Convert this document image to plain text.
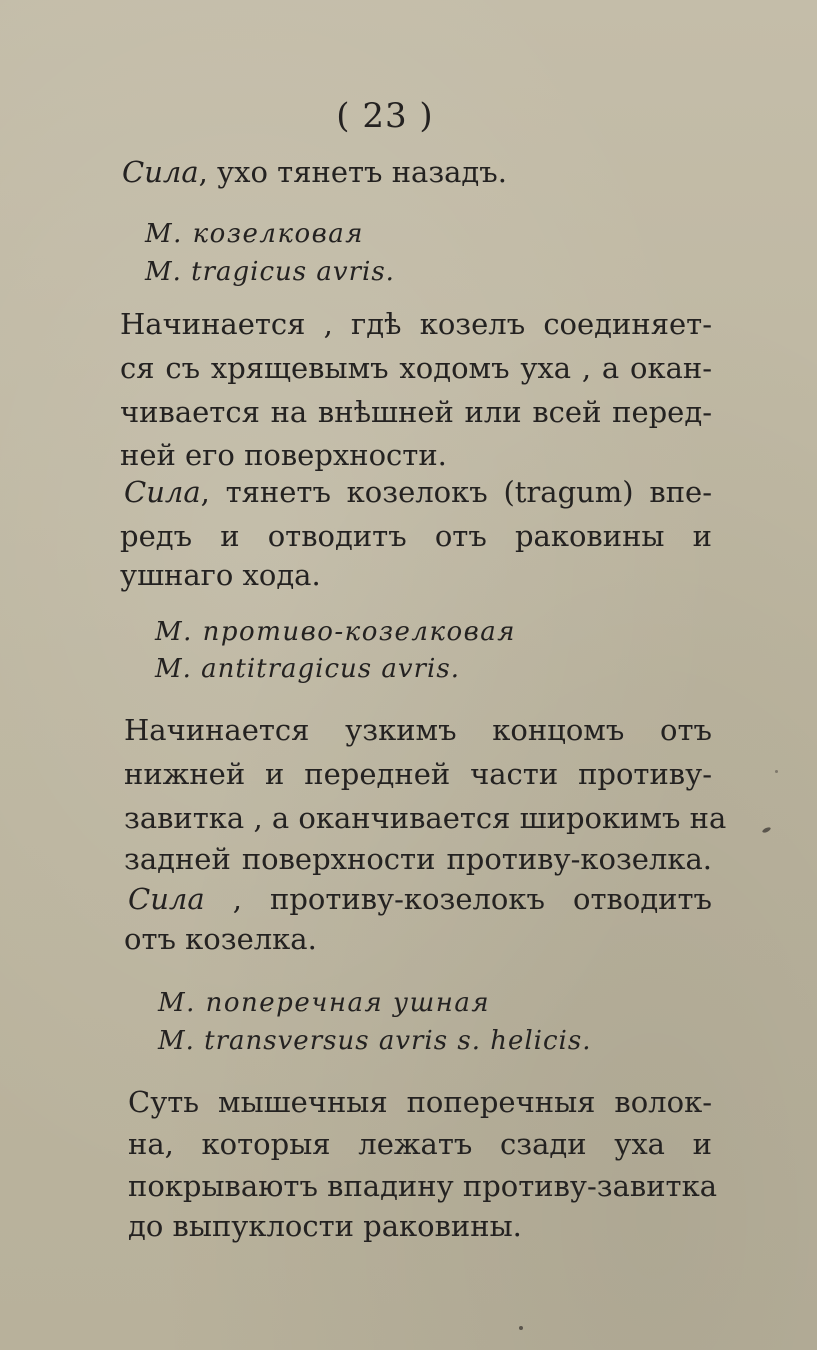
( 23 )
Сила, ухо тянетъ назадъ.
М. козелковая
М. tragicus avris.
Начинается , гдѣ козелъ соединяет-
ся съ хрящевымъ ходомъ уха , а окан-
чивается на внѣшней или всей перед-
ней его поверхности.
Сила, тянетъ козелокъ (tragum) впе-
редъ и отводитъ отъ раковины и
ушнаго хода.
М. противо-козелковая
М. antitragicus avris.
Начинается узкимъ концомъ отъ
нижней и передней части противу-
завитка , а оканчивается широкимъ на
задней поверхности противу-козелка.
Сила , противу-козелокъ отводитъ
отъ козелка.
М. поперечная ушная
М. transversus avris s. helicis.
Суть мышечныя поперечныя волок-
на, которыя лежатъ сзади уха и
покрываютъ впадину противу-завитка
до выпуклости раковины.
